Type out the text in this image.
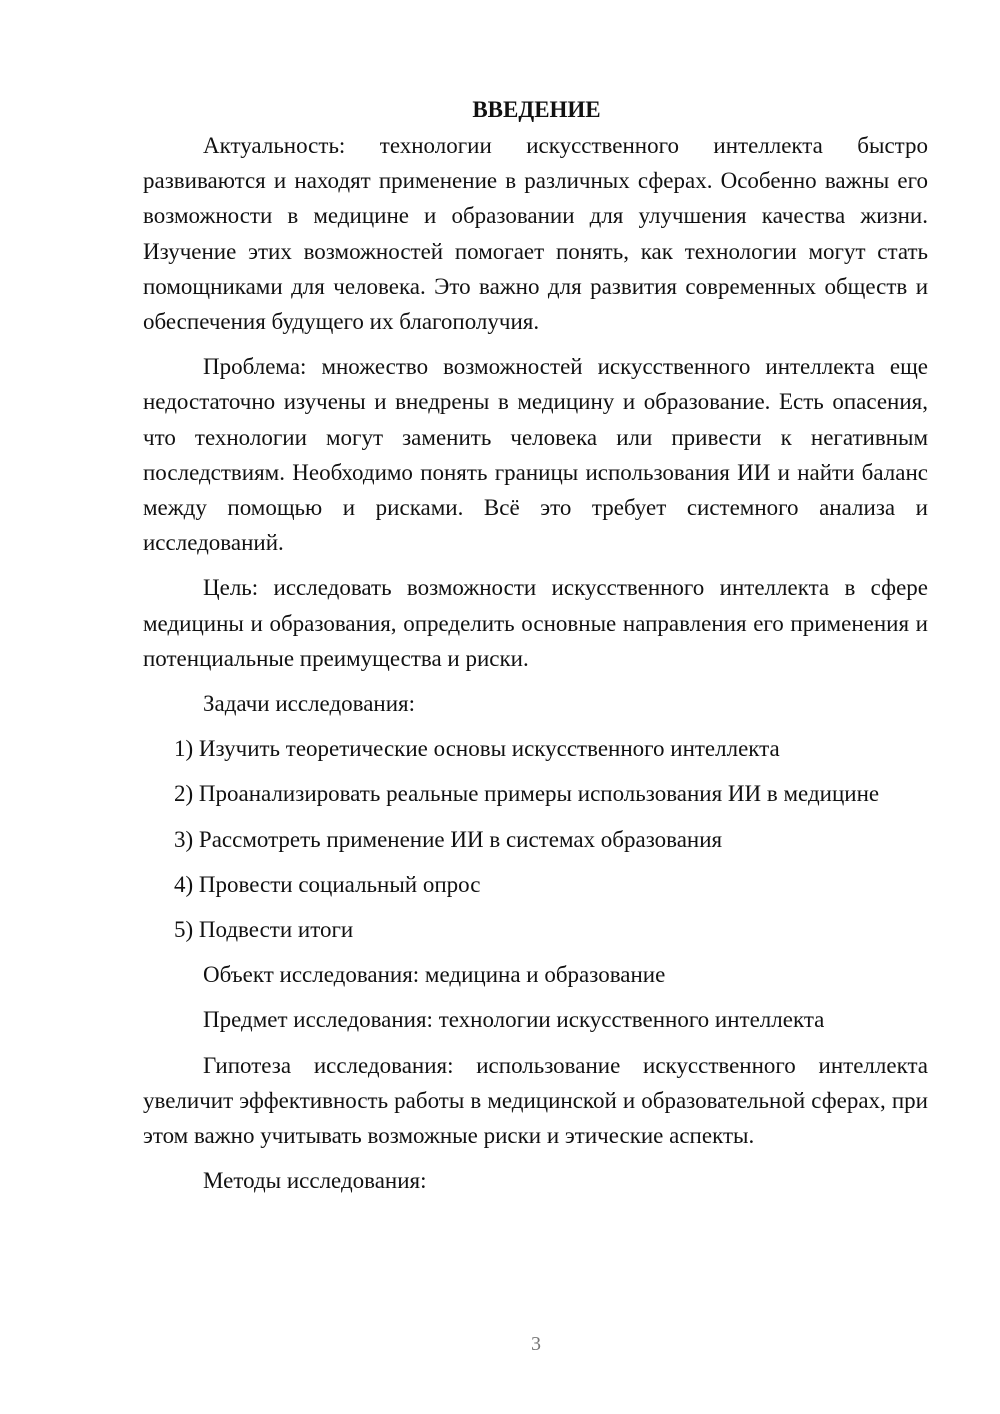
ВВЕДЕНИЕ

Актуальность: технологии искусственного интеллекта быстро развиваются и находят применение в различных сферах. Особенно важны его возможности в медицине и образовании для улучшения качества жизни. Изучение этих возможностей помогает понять, как технологии могут стать помощниками для человека. Это важно для развития современных обществ и обеспечения будущего их благополучия.

Проблема: множество возможностей искусственного интеллекта еще недостаточно изучены и внедрены в медицину и образование. Есть опасения, что технологии могут заменить человека или привести к негативным последствиям. Необходимо понять границы использования ИИ и найти баланс между помощью и рисками. Всё это требует системного анализа и исследований.

Цель: исследовать возможности искусственного интеллекта в сфере медицины и образования, определить основные направления его применения и потенциальные преимущества и риски.

Задачи исследования:

1) Изучить теоретические основы искусственного интеллекта

2) Проанализировать реальные примеры использования ИИ в медицине

3) Рассмотреть применение ИИ в системах образования

4) Провести социальный опрос

5) Подвести итоги

Объект исследования: медицина и образование

Предмет исследования: технологии искусственного интеллекта

Гипотеза исследования: использование искусственного интеллекта увеличит эффективность работы в медицинской и образовательной сферах, при этом важно учитывать возможные риски и этические аспекты.

Методы исследования:

3
